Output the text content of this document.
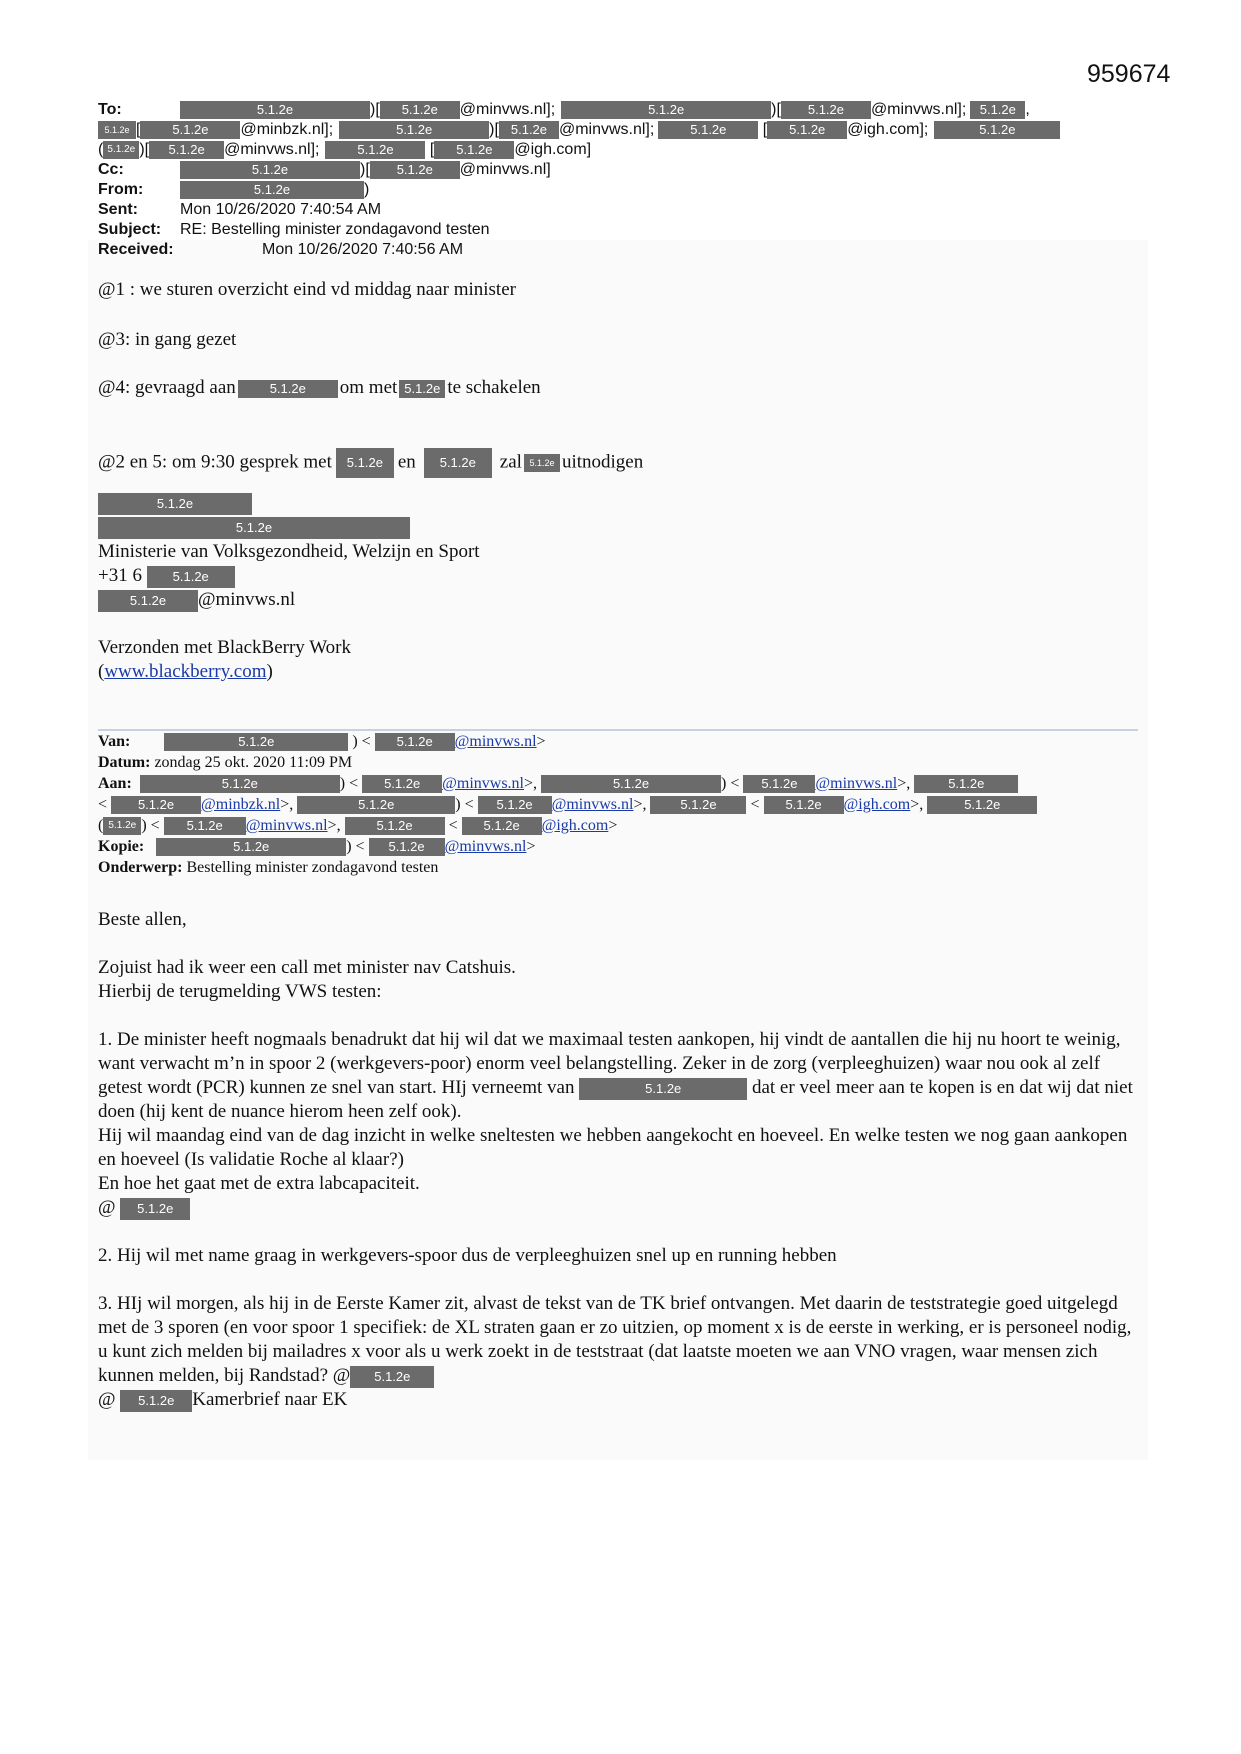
959674
To:	5.1.2e	)[ 5.1.2e @minvws.nl];	5.1.2e	)[ 5.1.2e @minvws.nl]; 5.1.2e ,
5.1.2e [ 5.1.2e @minbzk.nl];	5.1.2e	)[ 5.1.2e @minvws.nl];	5.1.2e [ 5.1.2e @igh.com];	5.1.2e
( 5.1.2e )[ 5.1.2e @minvws.nl];	5.1.2e [ 5.1.2e @igh.com]
Cc:	5.1.2e	)[ 5.1.2e @minvws.nl]
From:	5.1.2e	)
Sent:	Mon 10/26/2020 7:40:54 AM
Subject: RE: Bestelling minister zondagavond testen
Received:	Mon 10/26/2020 7:40:56 AM
@1 : we sturen overzicht eind vd middag naar minister
@3: in gang gezet
@4: gevraagd aan	5.1.2e om met 5.1.2e te schakelen
@2 en 5: om 9:30 gesprek met 5.1.2e en 5.1.2e zal 5.1.2e uitnodigen
5.1.2e
5.1.2e
Ministerie van Volksgezondheid, Welzijn en Sport
+31 6 5.1.2e
5.1.2e @minvws.nl
Verzonden met BlackBerry Work
(www.blackberry.com)
Van:	5.1.2e	) < 5.1.2e @minvws.nl>
Datum: zondag 25 okt. 2020 11:09 PM
Aan:	5.1.2e	) < 5.1.2e @minvws.nl>,	5.1.2e	) < 5.1.2e @minvws.nl>,	5.1.2e
< 5.1.2e @minbzk.nl>,	5.1.2e	) < 5.1.2e @minvws.nl>, 5.1.2e < 5.1.2e @igh.com>,	5.1.2e
( 5.1.2e ) < 5.1.2e @minvws.nl>, 5.1.2e < 5.1.2e @igh.com>
Kopie:	5.1.2e	) < 5.1.2e @minvws.nl>
Onderwerp: Bestelling minister zondagavond testen
Beste allen,
Zojuist had ik weer een call met minister nav Catshuis.
Hierbij de terugmelding VWS testen:
1. De minister heeft nogmaals benadrukt dat hij wil dat we maximaal testen aankopen, hij vindt de aantallen die hij nu hoort te weinig, want verwacht m’n in spoor 2 (werkgevers-poor) enorm veel belangstelling. Zeker in de zorg (verpleeghuizen) waar nou ook al zelf getest wordt (PCR) kunnen ze snel van start. HIj verneemt van	5.1.2e	dat er veel meer aan te kopen is en dat wij dat niet doen (hij kent de nuance hierom heen zelf ook).
Hij wil maandag eind van de dag inzicht in welke sneltesten we hebben aangekocht en hoeveel. En welke testen we nog gaan aankopen en hoeveel (Is validatie Roche al klaar?)
En hoe het gaat met de extra labcapaciteit.
@ 5.1.2e
2. Hij wil met name graag in werkgevers-spoor dus de verpleeghuizen snel up en running hebben
3. HIj wil morgen, als hij in de Eerste Kamer zit, alvast de tekst van de TK brief ontvangen. Met daarin de teststrategie goed uitgelegd met de 3 sporen (en voor spoor 1 specifiek: de XL straten gaan er zo uitzien, op moment x is de eerste in werking, er is personeel nodig, u kunt zich melden bij mailadres x voor als u werk zoekt in de teststraat (dat laatste moeten we aan VNO vragen, waar mensen zich kunnen melden, bij Randstad? @ 5.1.2e
@ 5.1.2e Kamerbrief naar EK
